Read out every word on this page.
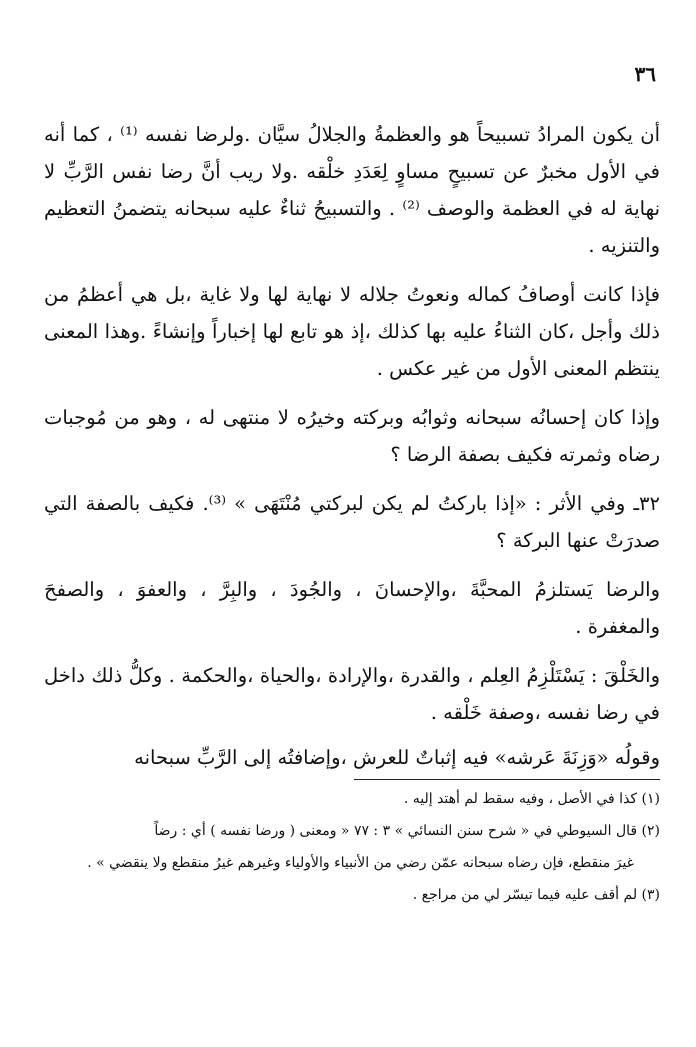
٣٦

أن يكون المرادُ تسبيحاً هو والعظمةُ والجلالُ سيَّان .ولرضا نفسه ⁽¹⁾ ، كما أنه في الأول مخبرٌ عن تسبيحٍ مساوٍ لِعَدَدِ خلْقه .ولا ريب أنَّ رضا نفس الرَّبِّ لا نهاية له في العظمة والوصف ⁽²⁾ . والتسبيحُ ثناءٌ عليه سبحانه يتضمنُ التعظيم والتنزيه .

فإذا كانت أوصافُ كماله ونعوتُ جلاله لا نهاية لها ولا غاية ،بل هي أعظمُ من ذلك وأجل ،كان الثناءُ عليه بها كذلك ،إذ هو تابع لها إخباراً وإنشاءً .وهذا المعنى ينتظم المعنى الأول من غير عكس .

وإذا كان إحسانُه سبحانه وثوابُه وبركته وخيرُه لا منتهى له ، وهو من مُوجبات رضاه وثمرته فكيف بصفة الرضا ؟

٣٢ـ وفي الأثر : «إذا باركتُ لم يكن لبركتي مُنْتَهَى » ⁽³⁾. فكيف بالصفة التي صدرَتْ عنها البركة ؟

والرضا يَستلزمُ المحبَّةَ ،والإحسانَ ، والجُودَ ، والبِرَّ ، والعفوَ ، والصفحَ والمغفرة .

والخَلْقَ : يَسْتَلْزِمُ العِلم ، والقدرة ،والإرادة ،والحياة ،والحكمة . وكلُّ ذلك داخل في رضا نفسه ،وصفة خَلْقه .

وقولُه «وَزِنَةَ عَرشه» فيه إثباتٌ للعرش ،وإضافتُه إلى الرَّبِّ سبحانه

(١) كذا في الأصل ، وفيه سقط لم أهتد إليه .

(٢) قال السيوطي في « شرح سنن النسائي » ٣ : ٧٧ « ومعنى ( ورضا نفسه ) أي : رضاً

غيرَ منقطع، فإن رضاه سبحانه عمّن رضي من الأنبياء والأولياء وغيرهم غيرُ منقطع ولا ينقضي » .

(٣) لم أقف عليه فيما تيسّر لي من مراجع .
